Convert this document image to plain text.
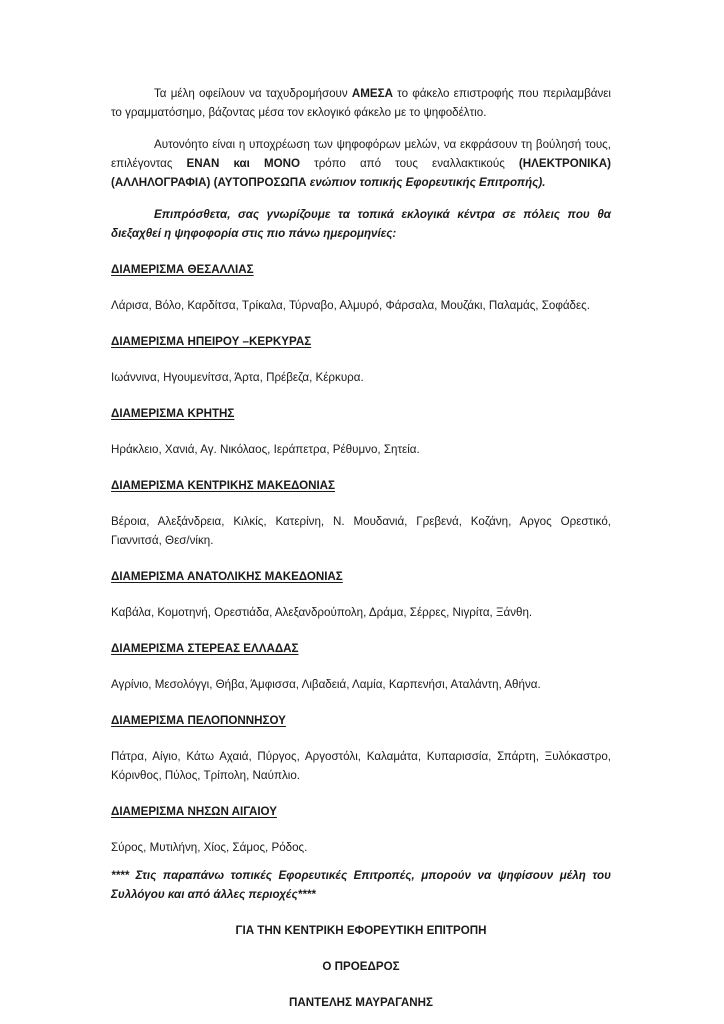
Τα μέλη οφείλουν να ταχυδρομήσουν ΑΜΕΣΑ το φάκελο επιστροφής που περιλαμβάνει το γραμματόσημο, βάζοντας μέσα τον εκλογικό φάκελο με το ψηφοδέλτιο.

Αυτονόητο είναι η υποχρέωση των ψηφοφόρων μελών, να εκφράσουν τη βούλησή τους, επιλέγοντας ΕΝΑΝ και ΜΟΝΟ τρόπο από τους εναλλακτικούς (ΗΛΕΚΤΡΟΝΙΚΑ) (ΑΛΛΗΛΟΓΡΑΦΙΑ) (ΑΥΤΟΠΡΟΣΩΠΑ ενώπιον τοπικής Εφορευτικής Επιτροπής).

Επιπρόσθετα, σας γνωρίζουμε τα τοπικά εκλογικά κέντρα σε πόλεις που θα διεξαχθεί η ψηφοφορία στις πιο πάνω ημερομηνίες:

ΔΙΑΜΕΡΙΣΜΑ ΘΕΣΑΛΛΙΑΣ

Λάρισα, Βόλο, Καρδίτσα, Τρίκαλα, Τύρναβο, Αλμυρό, Φάρσαλα, Μουζάκι, Παλαμάς, Σοφάδες.

ΔΙΑΜΕΡΙΣΜΑ ΗΠΕΙΡΟΥ –ΚΕΡΚΥΡΑΣ

Ιωάννινα, Ηγουμενίτσα, Άρτα, Πρέβεζα, Κέρκυρα.

ΔΙΑΜΕΡΙΣΜΑ ΚΡΗΤΗΣ

Ηράκλειο, Χανιά, Αγ. Νικόλαος, Ιεράπετρα, Ρέθυμνο, Σητεία.

ΔΙΑΜΕΡΙΣΜΑ ΚΕΝΤΡΙΚΗΣ ΜΑΚΕΔΟΝΙΑΣ

Βέροια, Αλεξάνδρεια, Κιλκίς, Κατερίνη, Ν. Μουδανιά, Γρεβενά, Κοζάνη, Αργος Ορεστικό, Γιαννιτσά, Θεσ/νίκη.

ΔΙΑΜΕΡΙΣΜΑ ΑΝΑΤΟΛΙΚΗΣ ΜΑΚΕΔΟΝΙΑΣ

Καβάλα, Κομοτηνή, Ορεστιάδα, Αλεξανδρούπολη, Δράμα, Σέρρες, Νιγρίτα, Ξάνθη.

ΔΙΑΜΕΡΙΣΜΑ ΣΤΕΡΕΑΣ ΕΛΛΑΔΑΣ

Αγρίνιο, Μεσολόγγι, Θήβα, Άμφισσα, Λιβαδειά, Λαμία, Καρπενήσι, Αταλάντη, Αθήνα.

ΔΙΑΜΕΡΙΣΜΑ ΠΕΛΟΠΟΝΝΗΣΟΥ

Πάτρα, Αίγιο, Κάτω Αχαιά, Πύργος, Αργοστόλι, Καλαμάτα, Κυπαρισσία, Σπάρτη, Ξυλόκαστρο, Κόρινθος, Πύλος, Τρίπολη, Ναύπλιο.

ΔΙΑΜΕΡΙΣΜΑ ΝΗΣΩΝ ΑΙΓΑΙΟΥ

Σύρος, Μυτιλήνη, Χίος, Σάμος, Ρόδος.

**** Στις παραπάνω τοπικές Εφορευτικές Επιτροπές, μπορούν να ψηφίσουν μέλη του Συλλόγου και από άλλες περιοχές****

ΓΙΑ ΤΗΝ ΚΕΝΤΡΙΚΗ ΕΦΟΡΕΥΤΙΚΗ ΕΠΙΤΡΟΠΗ

Ο ΠΡΟΕΔΡΟΣ

ΠΑΝΤΕΛΗΣ ΜΑΥΡΑΓΑΝΗΣ
